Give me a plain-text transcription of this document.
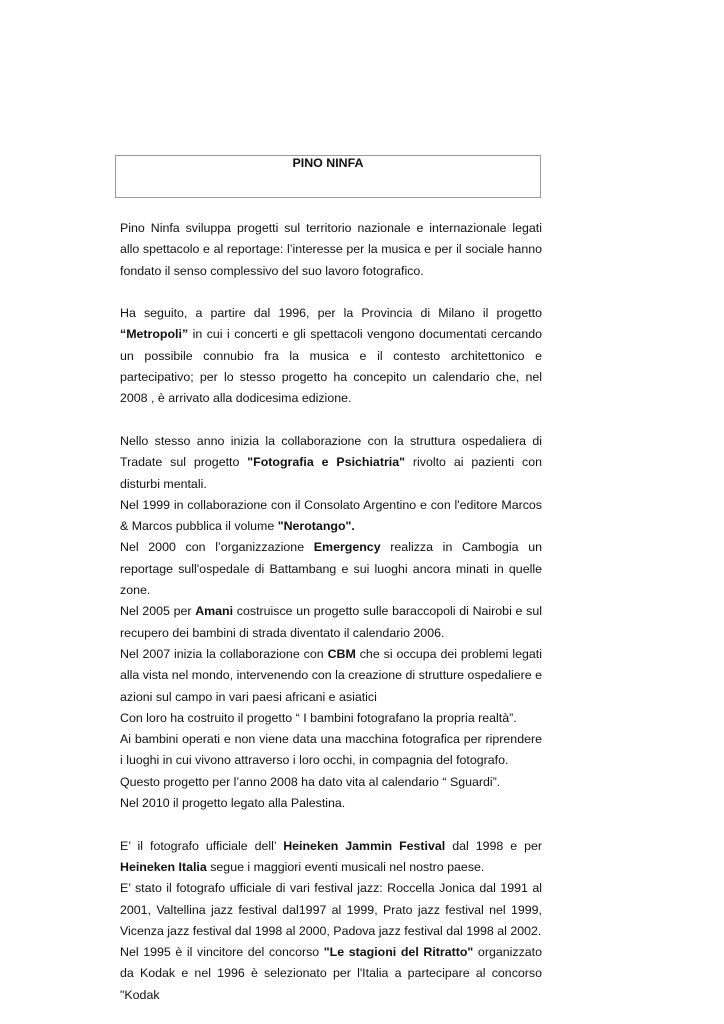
PINO NINFA

Pino Ninfa sviluppa progetti sul territorio nazionale e internazionale legati allo spettacolo e al reportage: l’interesse per la musica e per il sociale hanno fondato il senso complessivo del suo lavoro fotografico.

Ha seguito, a partire dal 1996, per la Provincia di Milano il progetto “Metropoli” in cui i concerti e gli spettacoli vengono documentati cercando un possibile connubio fra la musica e il contesto architettonico e partecipativo; per lo stesso progetto ha concepito un calendario che, nel 2008 , è arrivato alla dodicesima edizione.

Nello stesso anno inizia la collaborazione con la struttura ospedaliera di Tradate sul progetto "Fotografia e Psichiatria" rivolto ai pazienti con disturbi mentali.

Nel 1999 in collaborazione con il Consolato Argentino e con l'editore Marcos & Marcos pubblica il volume "Nerotango".

Nel 2000 con l’organizzazione Emergency realizza in Cambogia un reportage sull'ospedale di Battambang e sui luoghi ancora minati in quelle zone.

Nel 2005 per Amani costruisce un progetto sulle baraccopoli di Nairobi e sul recupero dei bambini di strada diventato il calendario 2006.

Nel 2007 inizia la collaborazione con CBM che si occupa dei problemi legati alla vista nel mondo, intervenendo con la creazione di strutture ospedaliere e azioni sul campo in vari paesi africani e asiatici

Con loro ha costruito il progetto “ I bambini fotografano la propria realtà”.

Ai bambini operati e non viene data una macchina fotografica per riprendere i luoghi in cui vivono attraverso i loro occhi, in compagnia del fotografo.

Questo progetto per l’anno 2008 ha dato vita al calendario “ Sguardi”.

Nel 2010 il progetto legato alla Palestina.

E’ il fotografo ufficiale dell’ Heineken Jammin Festival dal 1998 e per Heineken Italia segue i maggiori eventi musicali nel nostro paese.

E’ stato il fotografo ufficiale di vari festival jazz: Roccella Jonica dal 1991 al 2001, Valtellina jazz festival dal1997 al 1999, Prato jazz festival nel 1999, Vicenza jazz festival dal 1998 al 2000, Padova jazz festival dal 1998 al 2002.

Nel 1995 è il vincitore del concorso "Le stagioni del Ritratto" organizzato da Kodak e nel 1996 è selezionato per l'Italia a partecipare al concorso "Kodak
